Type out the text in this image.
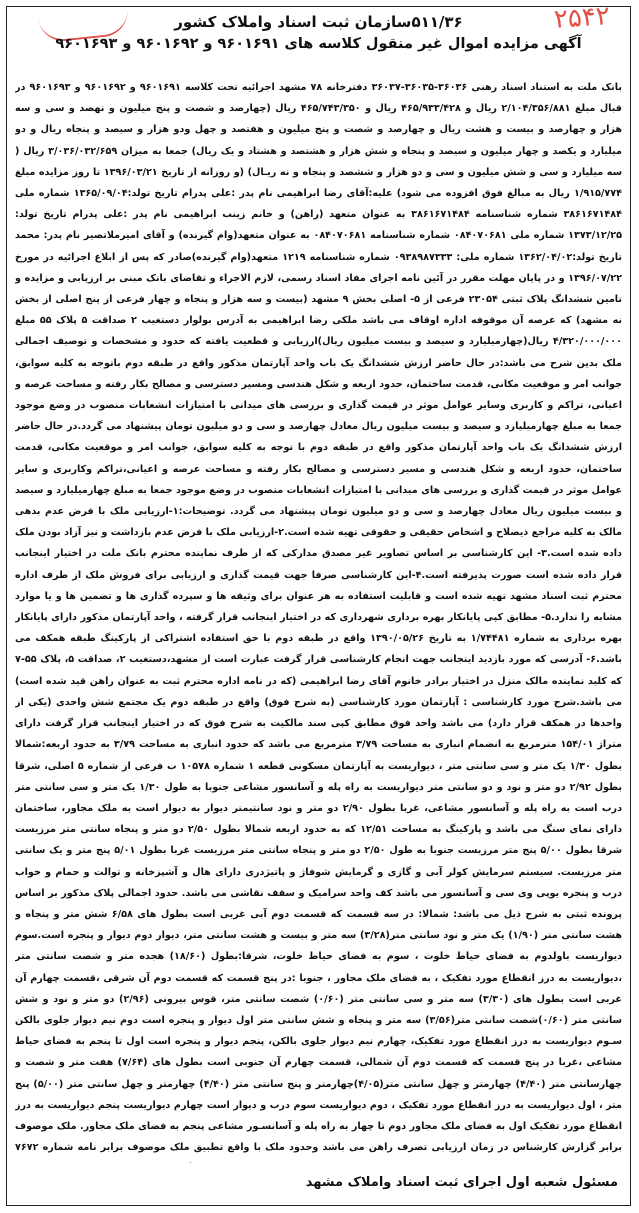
۲۵۴۲
۵۱۱/۳۶سازمان ثبت اسناد واملاک کشور
آگهی مزایده اموال غیر منقول کلاسه های ۹۶۰۱۶۹۱ و ۹۶۰۱۶۹۲ و ۹۶۰۱۶۹۳
بانک ملت به استناد اسناد رهنی ۳۶۰۳۶-۳۶۰۳۵-۳۶۰۳۷ دفترخانه ۷۸ مشهد اجرائیه تحت کلاسه ۹۶۰۱۶۹۱ و ۹۶۰۱۶۹۲ و ۹۶۰۱۶۹۳ در قبال مبلغ ۲/۱۰۴/۳۵۶/۸۸۱ ریال و ۴۶۵/۹۳۳/۴۲۸ ریال و ۴۶۵/۷۴۳/۳۵۰ ریال (چهارصد و شصت و پنج میلیون و نهصد و سی و سه هزار و چهارصد و بیست و هشت ریال و چهارصد و شصت و پنج میلیون و هفتصد و چهل ودو هزار و سیصد و پنجاه ریال و دو میلیارد و یکصد و چهار میلیون و سیصد و پنجاه و شش هزار و هشتصد و هشتاد و یک ریال) جمعا به میزان ۳/۰۳۶/۰۳۲/۶۵۹ ریال ( سه میلیارد و سی و شش میلیون و سی و دو هزار و ششصد و پنجاه و نه ریـال) (و روزانه از تاریخ ۱۳۹۶/۰۳/۲۱ تا روز مزایده مبلغ ۱/۹۱۵/۷۷۴ ریال به مبالغ فوق افزوده می شود) علیه:آقای رضا ابراهیمی نام پدر :علی پدرام تاریخ تولد:۱۳۶۵/۰۹/۰۴ شماره ملی ۳۸۶۱۶۷۱۴۸۴ شماره شناسنامه ۳۸۶۱۶۷۱۴۸۴ به عنوان متعهد (راهن) و خانم زینب ابراهیمی نام پدر :علی پدرام تاریخ تولد: ۱۳۷۳/۱۲/۲۵ شماره ملی ۰۸۴۰۷۰۶۸۱ شماره شناسنامه ۰۸۴۰۷۰۶۸۱ به عنوان متعهد(وام گیرنده) و آقای امیرملاتصیر نام پدر: محمد تاریخ تولد:۱۳۶۲/۰۴/۰۲ شماره ملی: ۰۹۳۸۹۸۷۳۳۳ شماره شناسنامه ۱۲۱۹ متعهد(وام گیرنده)صادر که پس از ابلاغ اجرائیه در مورخ ۱۳۹۶/۰۷/۲۲ و در پایان مهلت مقرر در آئین نامه اجرای مفاد اسناد رسمی، لازم الاجراء و تقاضای بانک مبنی بر ارزیابی و مزایده و تامین ششدانگ پلاک ثبتی ۲۳۰۵۴ فرعی از ۵- اصلی بخش ۹ مشهد (بیست و سه هزار و پنجاه و چهار فرعی از پنج اصلی از بخش نه مشهد) که عرصه آن موقوفه اداره اوقاف می باشد ملکی رضا ابراهیمی به آدرس بولوار دستغیب ۲ صداقت ۵ پلاک ۵۵ مبلغ ۴/۳۲۰/۰۰۰/۰۰۰ ریال(چهارمیلیارد و سیصد و بیست میلیون ریال)ارزیابی و قطعیت یافته که حدود و مشخصات و توصیف اجمالی ملک بدین شرح می باشد:در حال حاضر ارزش ششدانگ یک باب واحد آپارتمان مذکور واقع در طبقه دوم باتوجه به کلیه سوابق، جوانب امر و موقعیت مکانی، قدمت ساختمان، حدود اربعه و شکل هندسی ومسیر دسترسی و مصالح بکار رفته و مساحت عرصه و اعیانی، تراکم و کاربری وسایر عوامل موثر در قیمت گذاری و بررسی های میدانی با امتیازات انشعابات منصوب در وضع موجود جمعا به مبلغ چهارمیلیارد و سیصد و بیست میلیون ریال معادل چهارصد و سی و دو میلیون تومان پیشنهاد می گردد.در حال حاضر ارزش ششدانگ یک باب واحد آپارتمان مذکور واقع در طبقه دوم با توجه به کلیه سوابق، جوانب امر و موقعیت مکانی، قدمت ساختمان، حدود اربعه و شکل هندسی و مسیر دسترسی و مصالح بکار رفته و مساحت عرصه و اعیانی،تراکم وکاربری و سایر عوامل موثر در قیمت گذاری و بررسی های میدانی با امتیازات انشعابات منصوب در وضع موجود جمعا به مبلغ چهارمیلیارد و سیصد و بیست میلیون ریال معادل چهارصد و سی و دو میلیون تومان پیشنهاد می گردد. توضیحات:۱-ارزیابی ملک با فرض عدم بدهی مالک به کلیه مراجع ذیصلاح و اشخاص حقیقی و حقوقی تهیه شده است.۲-ارزیابی ملک با فرض عدم بازداشت و نیز آزاد بودن ملک داده شده است.۳- این کارشناسی بر اساس تصاویر غیر مصدق مدارکی که از طرف نماینده محترم بانک ملت در اختیار اینجانب قرار داده شده است صورت پذیرفته است.۴-این کارشناسی صرفا جهت قیمت گذاری و ارزیابی برای فروش ملک از طرف اداره محترم ثبت اسناد مشهد تهیه شده است و قابلیت استفاده به هر عنوان برای وثیقه ها و سپرده گذاری ها و تضمین ها و یا موارد مشابه را ندارد.۵- مطابق کپی پایانکار بهره برداری شهرداری که در اختیار اینجانب قرار گرفته ، واحد آپارتمان مذکور دارای پایانکار بهره برداری به شماره ۱/۷۴۴۸۱ به تاریخ ۱۳۹۰/۰۵/۲۶ واقع در طبقه دوم با حق استفاده اشتراکی از پارکینگ طبقه همکف می باشد.۶- آدرسی که مورد بازدید اینجانب جهت انجام کارشناسی قرار گرفت عبارت است از مشهد،دستغیب ۲، صداقت ۵، پلاک ۵۵-۷ که کلید نماینده مالک منزل در اختیار برادر خانوم آقای رضا ابراهیمی (که در نامه اداره محترم ثبت به عنوان راهن قید شده است) می باشد.شرح مورد کارشناسی : آپارتمان مورد کارشناسی (به شرح فوق) واقع در طبقه دوم یک مجتمع شش واحدی (یکی از واحدها در همکف قرار دارد) می باشد واحد فوق مطابق کپی سند مالکیت به شرح فوق که در اختیار اینجانب قرار گرفت دارای متراژ ۱۵۴/۰۱ مترمربع به انضمام انباری به مساحت ۳/۷۹ مترمربع می باشد که حدود انباری به مساحت ۳/۷۹ به حدود اربعه:شمالا بطول ۱/۳۰ یک متر و سی سانتی متر ، دیواریست به آپارتمان مسکونی قطعه ۱ شماره ۱۰۵۷۸ ب فرعی از شماره ۵ اصلی، شرقا بطول ۲/۹۲ دو متر و نود و دو سانتی متر دیواریست به راه پله و آسانسور مشاعی جنوبا به طول ۱/۳۰ یک متر و سی سانتی متر درب است به راه پله و آسانسور مشاعی، غربا بطول ۲/۹۰ دو متر و نود سانتیمتر دیوار به دیوار است به ملک مجاور، ساختمان دارای نمای سنگ می باشد و پارکینگ به مساحت ۱۲/۵۱ که به حدود اربعه شمالا بطول ۲/۵۰ دو متر و پنجاه سانتی متر مرزیست شرقا بطول ۵/۰۰ پنج متر مرزیست جنوبا به طول ۲/۵۰ دو متر و پنجاه سانتی متر مرزیست غربا بطول ۵/۰۱ پنج متر و یک سانتی متر مرزیست. سیستم سرمایش کولر آبی و گازی و گرمایش شوفاژ و پاتیژدری دارای هال و آشپزخانه و توالت و حمام و خواب درب و پنجره یوپی وی سی و آسانسور می باشد کف واحد سرامیک و سقف نقاشی می باشد. حدود اجمالی پلاک مذکور بر اساس پرونده ثبتی به شرح ذیل می باشد: شمالا: در سه قسمت که قسمت دوم آبی غربی است بطول های ۶/۵۸ شش متر و پنجاه و هشت سانتی متر (۱/۹۰) یک متر و نود سانتی متر(۳/۲۸) سه متر و بیست و هشت سانتی متر، دیوار دوم دیوار و پنجره است.سوم دیواریست باولدوم به فضای حیاط خلوت ، سوم به فضای حیاط خلوت، شرقا:بطول (۱۸/۶۰) هجده متر و شصت سانتی متر ،دیواریست به درز انقطاع مورد تفکیک ، به فضای ملک مجاور ، جنوبا :در پنج قسمت که قسمت دوم آن شرقی ،قسمت چهارم آن غربی است بطول های (۳/۳۰) سه متر و سی سانتی متر (۰/۶۰) شصت سانتی متر، قوس بیرونی (۲/۹۶) دو متر و نود و شش سانتی متر (۰/۶۰)شصت سانتی متر(۳/۵۶) سه متر و پنجاه و شش سانتی متر اول دیوار و پنجره است دوم نیم دیوار جلوی بالکن سـوم دیواریست به درز انقطاع مورد تفکیک، چهارم نیم دیوار جلوی بالکن، پنجم دیوار و پنجره است اول تا پنجم به فضای حیاط مشاعی ،غربا در پنج قسمت که قسمت دوم آن شمالی، قسمت چهارم آن جنوبی است بطول های (۷/۶۴) هفت متر و شصت و چهارسانتی متر (۴/۴۰) چهارمتر و چهل سانتی متر(۴/۰۵)چهارمتر و پنج سانتی متر (۴/۴۰) چهارمتر و چهل سانتی متر (۵/۰۰) پنج متر ، اول دیواریست به درز انقطاع مورد تفکیک ، دوم دیواریست سوم درب و دیوار است چهارم دیواریست پنجم دیواریست به درز انقطاع مورد تفکیک اول به فضای ملک مجاور دوم تا چهار به راه پله و آسانسـور مشاعی پنجم به فضای ملک مجاور. ملک موصوف برابر گزارش کارشناس در زمان ارزیابی تصرف راهن می باشد وحدود ملک با واقع تطبیق ملک موصوف برابر نامه شماره ۷۶۷۲
مسئول شعبه اول اجرای ثبت اسناد واملاک مشهد
